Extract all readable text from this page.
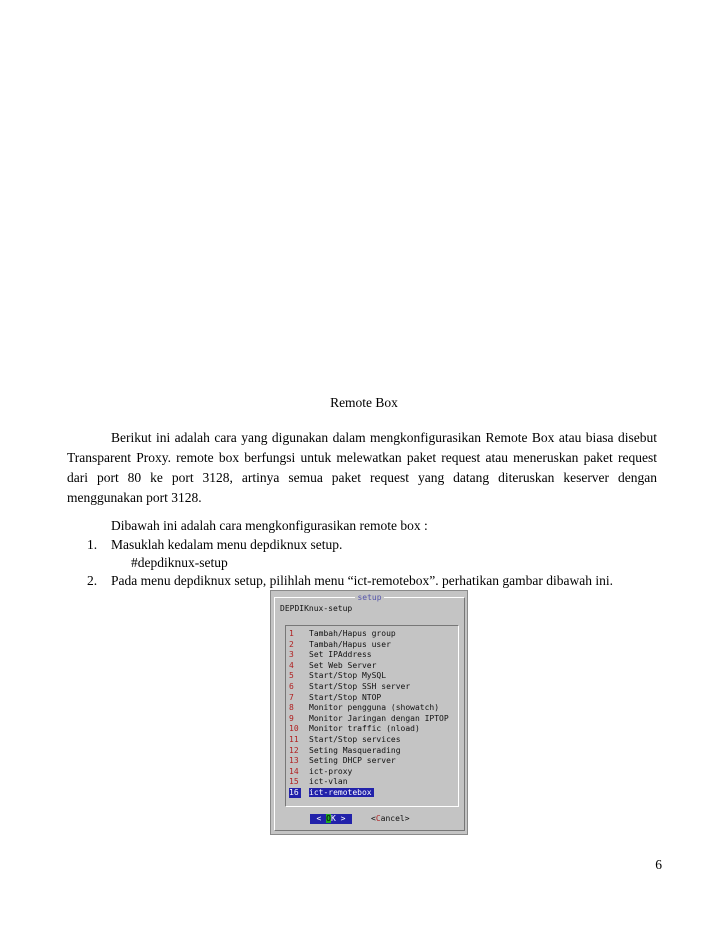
Remote Box
Berikut ini adalah cara yang digunakan dalam mengkonfigurasikan Remote Box atau biasa disebut Transparent Proxy. remote box berfungsi untuk melewatkan paket request atau meneruskan paket request dari port 80 ke port 3128, artinya semua paket request yang datang diteruskan keserver dengan menggunakan port 3128.
Dibawah ini adalah cara mengkonfigurasikan remote box :
1. Masuklah kedalam menu depdiknux setup.
#depdiknux-setup
2. Pada menu depdiknux setup, pilihlah menu “ict-remotebox”. perhatikan gambar dibawah ini.
setup
DEPDIKnux-setup
1 Tambah/Hapus group
2 Tambah/Hapus user
3 Set IPAddress
4 Set Web Server
5 Start/Stop MySQL
6 Start/Stop SSH server
7 Start/Stop NTOP
8 Monitor pengguna (showatch)
9 Monitor Jaringan dengan IPTOP
10 Monitor traffic (nload)
11 Start/Stop services
12 Seting Masquerading
13 Seting DHCP server
14 ict-proxy
15 ict-vlan
16 ict-remotebox
< OK >	<Cancel>
6
